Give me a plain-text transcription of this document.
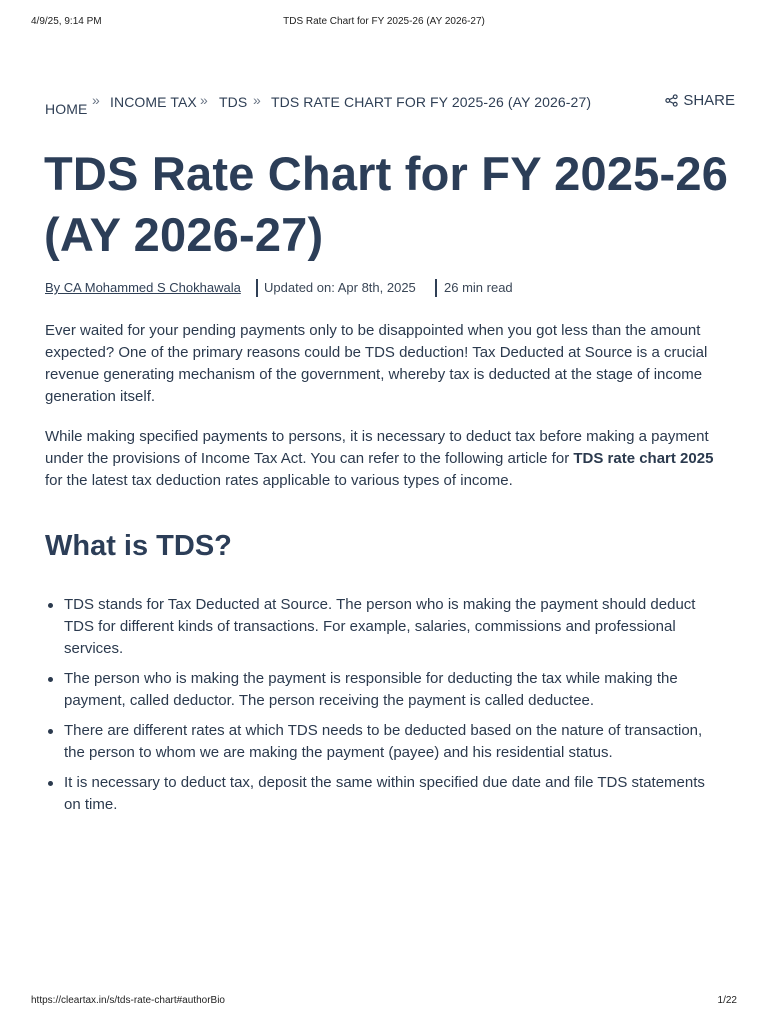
4/9/25, 9:14 PM	TDS Rate Chart for FY 2025-26 (AY 2026-27)
HOME
» INCOME TAX » TDS » TDS RATE CHART FOR FY 2025-26 (AY 2026-27)	SHARE
TDS Rate Chart for FY 2025-26
(AY 2026-27)
By CA Mohammed S Chokhawala Updated on: Apr 8th, 2025 26 min read

Ever waited for your pending payments only to be disappointed when you got less than the amount expected? One of the primary reasons could be TDS deduction! Tax Deducted at Source is a crucial revenue generating mechanism of the government, whereby tax is deducted at the stage of income generation itself.

While making specified payments to persons, it is necessary to deduct tax before making a payment under the provisions of Income Tax Act. You can refer to the following article for TDS rate chart 2025 for the latest tax deduction rates applicable to various types of income.

What is TDS?
TDS stands for Tax Deducted at Source. The person who is making the payment should deduct TDS for different kinds of transactions. For example, salaries, commissions and professional services.
The person who is making the payment is responsible for deducting the tax while making the payment, called deductor. The person receiving the payment is called deductee.
There are different rates at which TDS needs to be deducted based on the nature of transaction, the person to whom we are making the payment (payee) and his residential status.
It is necessary to deduct tax, deposit the same within specified due date and file TDS statements on time.
https://cleartax.in/s/tds-rate-chart#authorBio	1/22
